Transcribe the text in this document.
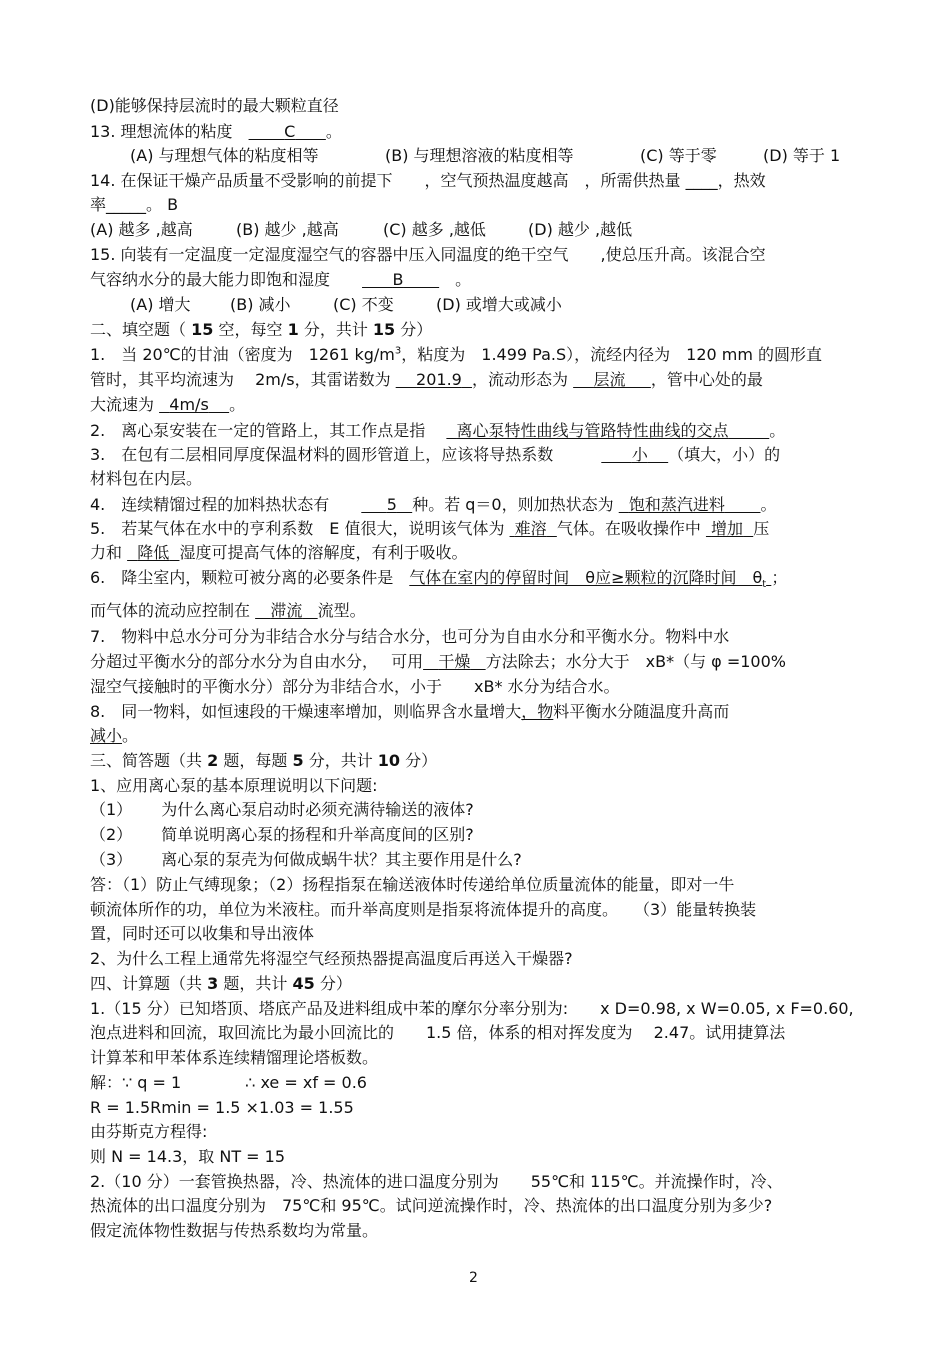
(D)能够保持层流时的最大颗粒直径
13. 理想流体的粘度　	C 。
(A) 与理想气体的粘度相等	(B) 与理想溶液的粘度相等	(C) 等于零	(D) 等于 1
14. 在保证干燥产品质量不受影响的前提下　　，空气预热温度越高　，所需供热量 ____，热效
率_____。 B
(A) 越多 ,越高	(B) 越少 ,越高	(C) 越多 ,越低	(D) 越少 ,越低
15. 向装有一定温度一定湿度湿空气的容器中压入同温度的绝干空气　　,使总压升高。该混合空
气容纳水分的最大能力即饱和湿度　　	B       　	。
(A) 增大 (B) 减小	(C) 不变	(D) 或增大或减小
二、填空题（ 15 空，每空 1 分，共计 15 分）
1.　当 20℃的甘油（密度为　1261 $kg/m^3$，粘度为　1.499 Pa.S），流经内径为　120 mm 的圆形直
管时，其平均流速为　 2m/s，其雷诺数为 201.9 ，流动形态为 层流 ，管中心处的最
大流速为 4m/s 。
2.　离心泵安装在一定的管路上，其工作点是指　 离心泵特性曲线与管路特性曲线的交点	。
3.　在包有二层相同厚度保温材料的圆形管道上，应该将导热系数　　　	小 （填大，小）的
材料包在内层。
4.　连续精馏过程的加料热状态有　　	5 种。若 q＝0，则加热状态为 饱和蒸汽进料 。
5.　若某气体在水中的亨利系数　E 值很大，说明该气体为 难溶 气体。在吸收操作中 增加 压
力和 降低 湿度可提高气体的溶解度，有利于吸收。
6.　降尘室内，颗粒可被分离的必要条件是　 气体在室内的停留时间　θ应≥颗粒的沉降时间　$\theta_t$ ；
而气体的流动应控制在 滞流 流型。
7.　物料中总水分可分为非结合水分与结合水分，也可分为自由水分和平衡水分。物料中水
分超过平衡水分的部分水分为自由水分，　 可用 干燥 方法除去；水分大于　xB*（与 φ =100%
湿空气接触时的平衡水分）部分为非结合水，小于　　xB* 水分为结合水。
8.　同一物料，如恒速段的干燥速率增加，则临界含水量增大，物料平衡水分随温度升高而
减小。
三、简答题（共 2 题，每题 5 分，共计 10 分）
1、应用离心泵的基本原理说明以下问题:
（1）　　 为什么离心泵启动时必须充满待输送的液体?
（2）　　 简单说明离心泵的扬程和升举高度间的区别?
（3）　　 离心泵的泵壳为何做成蜗牛状？其主要作用是什么?
答：（1）防止气缚现象；（2）扬程指泵在输送液体时传递给单位质量流体的能量，即对一牛
顿流体所作的功，单位为米液柱。而升举高度则是指泵将流体提升的高度。　　（3）能量转换装
置，同时还可以收集和导出液体
2、为什么工程上通常先将湿空气经预热器提高温度后再送入干燥器?
四、计算题（共 3 题，共计 45 分）
1.（15 分）已知塔顶、塔底产品及进料组成中苯的摩尔分率分别为:　　x D=0.98, x W=0.05, x F=0.60,
泡点进料和回流，取回流比为最小回流比的　　1.5 倍，体系的相对挥发度为　 2.47。试用捷算法
计算苯和甲苯体系连续精馏理论塔板数。
解：∵ q = 1　　　　∴ xe = xf = 0.6
R = 1.5Rmin = 1.5 ×1.03 = 1.55
由芬斯克方程得:
则 N = 14.3，取 NT = 15
2.（10 分）一套管换热器，冷、热流体的进口温度分别为　　55℃和 115℃。并流操作时，冷、
热流体的出口温度分别为　75℃和 95℃。试问逆流操作时，冷、热流体的出口温度分别为多少?
假定流体物性数据与传热系数均为常量。
2
